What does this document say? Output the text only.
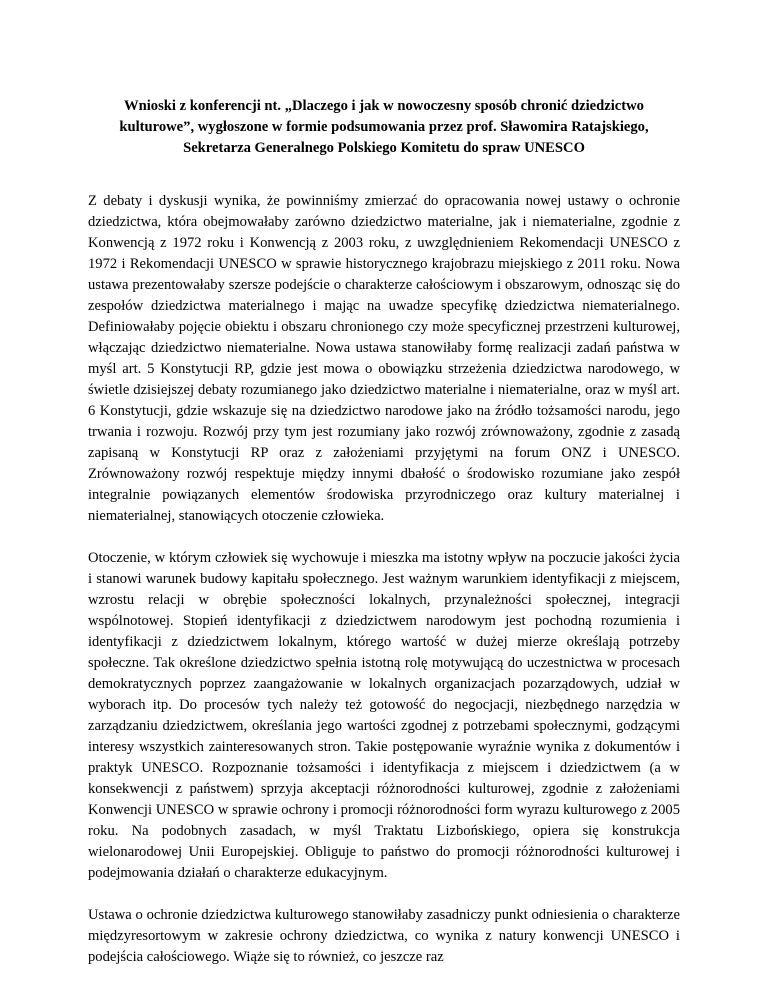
Wnioski z konferencji nt. „Dlaczego i jak w nowoczesny sposób chronić dziedzictwo kulturowe”, wygłoszone w formie podsumowania przez prof. Sławomira Ratajskiego, Sekretarza Generalnego Polskiego Komitetu do spraw UNESCO

Z debaty i dyskusji wynika, że powinniśmy zmierzać do opracowania nowej ustawy o ochronie dziedzictwa, która obejmowałaby zarówno dziedzictwo materialne, jak i niematerialne, zgodnie z Konwencją z 1972 roku i Konwencją z 2003 roku, z uwzględnieniem Rekomendacji UNESCO z 1972 i Rekomendacji UNESCO w sprawie historycznego krajobrazu miejskiego z 2011 roku. Nowa ustawa prezentowałaby szersze podejście o charakterze całościowym i obszarowym, odnosząc się do zespołów dziedzictwa materialnego i mając na uwadze specyfikę dziedzictwa niematerialnego. Definiowałaby pojęcie obiektu i obszaru chronionego czy może specyficznej przestrzeni kulturowej, włączając dziedzictwo niematerialne. Nowa ustawa stanowiłaby formę realizacji zadań państwa w myśl art. 5 Konstytucji RP, gdzie jest mowa o obowiązku strzeżenia dziedzictwa narodowego, w świetle dzisiejszej debaty rozumianego jako dziedzictwo materialne i niematerialne, oraz w myśl art. 6 Konstytucji, gdzie wskazuje się na dziedzictwo narodowe jako na źródło tożsamości narodu, jego trwania i rozwoju. Rozwój przy tym jest rozumiany jako rozwój zrównoważony, zgodnie z zasadą zapisaną w Konstytucji RP oraz z założeniami przyjętymi na forum ONZ i UNESCO. Zrównoważony rozwój respektuje między innymi dbałość o środowisko rozumiane jako zespół integralnie powiązanych elementów środowiska przyrodniczego oraz kultury materialnej i niematerialnej, stanowiących otoczenie człowieka.

Otoczenie, w którym człowiek się wychowuje i mieszka ma istotny wpływ na poczucie jakości życia i stanowi warunek budowy kapitału społecznego. Jest ważnym warunkiem identyfikacji z miejscem, wzrostu relacji w obrębie społeczności lokalnych, przynależności społecznej, integracji wspólnotowej. Stopień identyfikacji z dziedzictwem narodowym jest pochodną rozumienia i identyfikacji z dziedzictwem lokalnym, którego wartość w dużej mierze określają potrzeby społeczne. Tak określone dziedzictwo spełnia istotną rolę motywującą do uczestnictwa w procesach demokratycznych poprzez zaangażowanie w lokalnych organizacjach pozarządowych, udział w wyborach itp. Do procesów tych należy też gotowość do negocjacji, niezbędnego narzędzia w zarządzaniu dziedzictwem, określania jego wartości zgodnej z potrzebami społecznymi, godzącymi interesy wszystkich zainteresowanych stron. Takie postępowanie wyraźnie wynika z dokumentów i praktyk UNESCO. Rozpoznanie tożsamości i identyfikacja z miejscem i dziedzictwem (a w konsekwencji z państwem) sprzyja akceptacji różnorodności kulturowej, zgodnie z założeniami Konwencji UNESCO w sprawie ochrony i promocji różnorodności form wyrazu kulturowego z 2005 roku. Na podobnych zasadach, w myśl Traktatu Lizbońskiego, opiera się konstrukcja wielonarodowej Unii Europejskiej. Obliguje to państwo do promocji różnorodności kulturowej i podejmowania działań o charakterze edukacyjnym.

Ustawa o ochronie dziedzictwa kulturowego stanowiłaby zasadniczy punkt odniesienia o charakterze międzyresortowym w zakresie ochrony dziedzictwa, co wynika z natury konwencji UNESCO i podejścia całościowego. Wiąże się to również, co jeszcze raz
